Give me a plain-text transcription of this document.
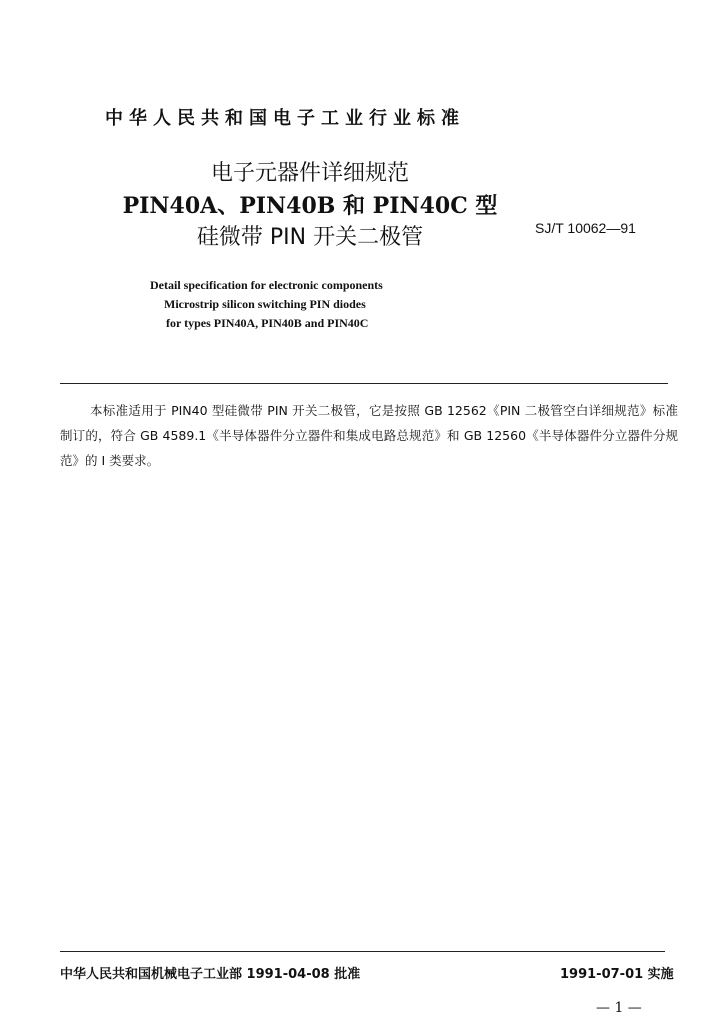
中华人民共和国电子工业行业标准
电子元器件详细规范
PIN40A、PIN40B 和 PIN40C 型
硅微带 PIN 开关二极管	SJ/T 10062—91
Detail specification for electronic components
Microstrip silicon switching PIN diodes
for types PIN40A, PIN40B and PIN40C

本标准适用于 PIN40 型硅微带 PIN 开关二极管，它是按照 GB 12562《PIN 二极管空白详细规范》标准制订的，符合 GB 4589.1《半导体器件分立器件和集成电路总规范》和 GB 12560《半导体器件分立器件分规范》的 Ⅰ 类要求。

中华人民共和国机械电子工业部 1991-04-08 批准	1991-07-01 实施
— 1 —
